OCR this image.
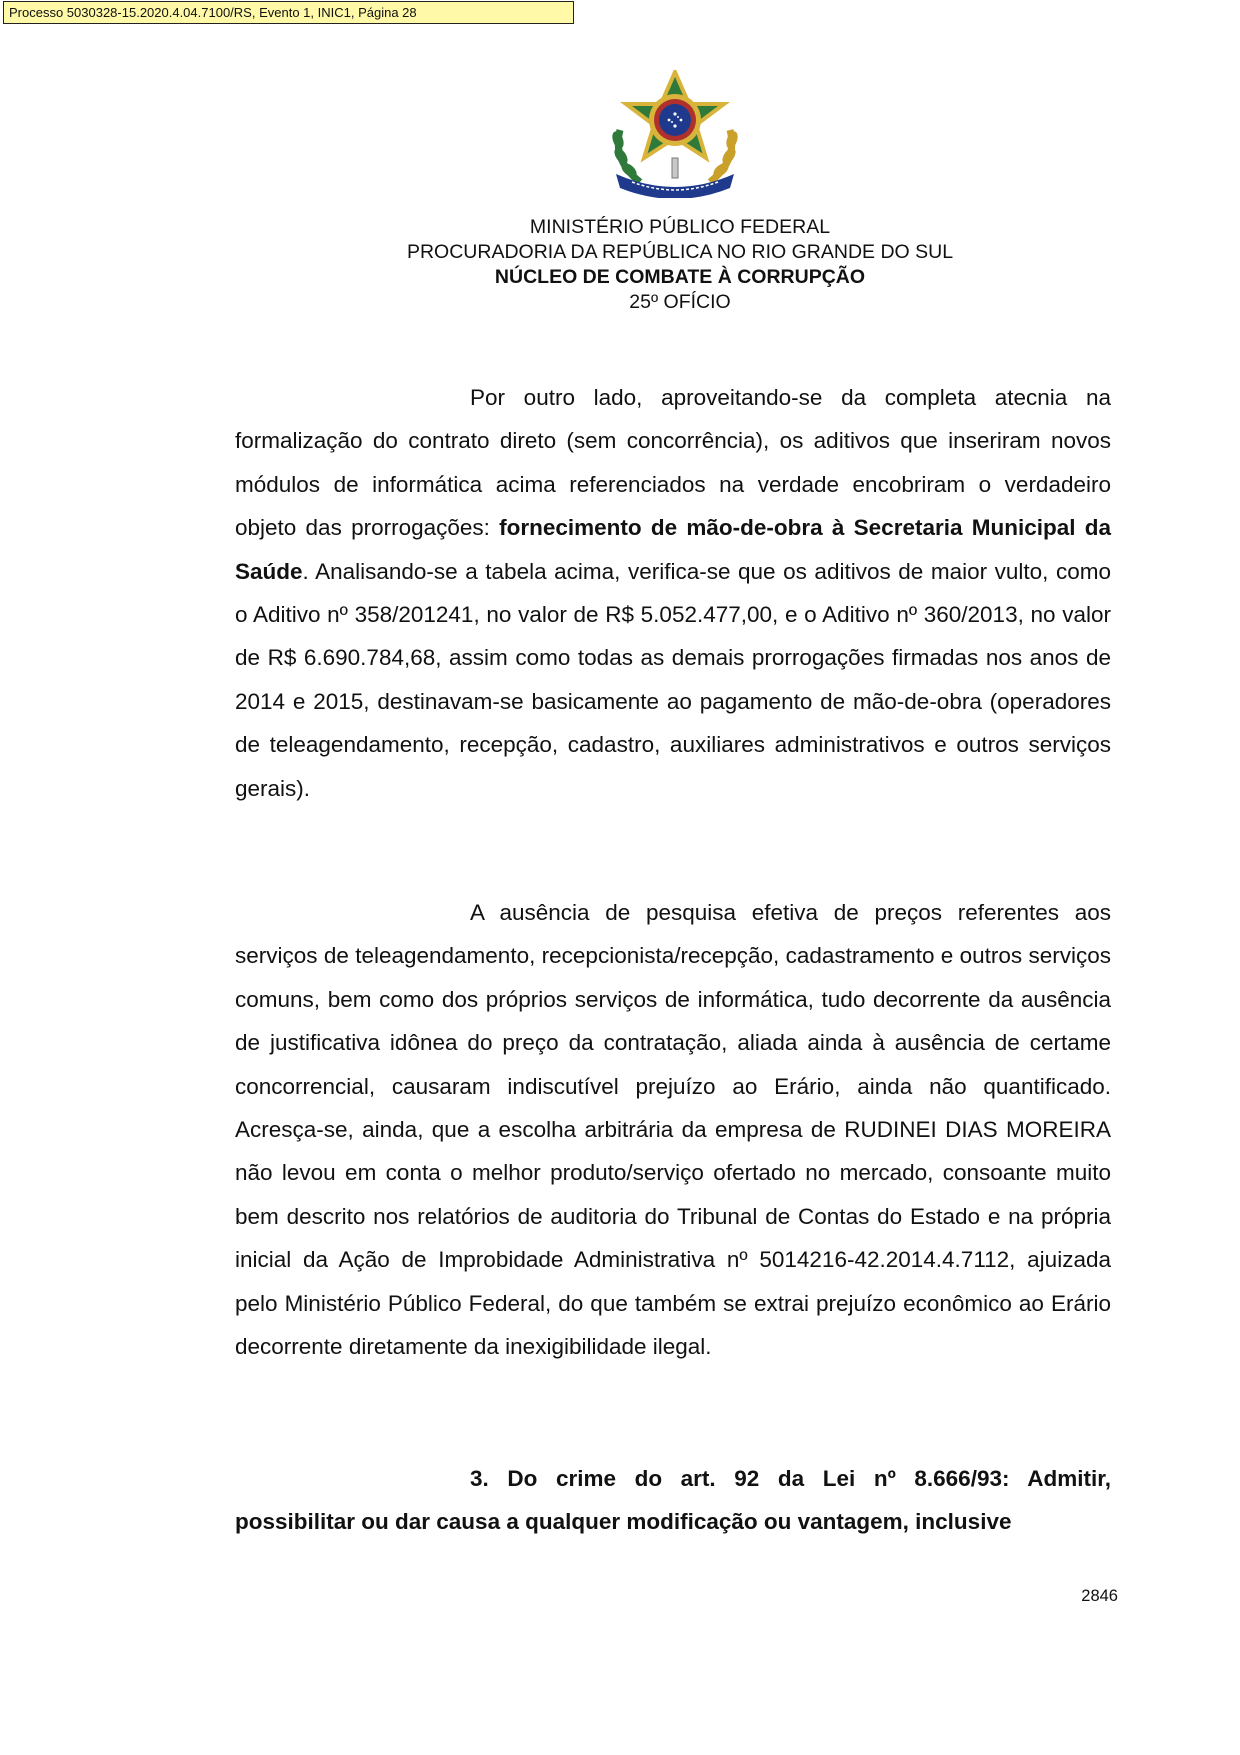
Processo 5030328-15.2020.4.04.7100/RS, Evento 1, INIC1, Página 28
MINISTÉRIO PÚBLICO FEDERAL
PROCURADORIA DA REPÚBLICA NO RIO GRANDE DO SUL
NÚCLEO DE COMBATE À CORRUPÇÃO
25º OFÍCIO

Por outro lado, aproveitando-se da completa atecnia na formalização do contrato direto (sem concorrência), os aditivos que inseriram novos módulos de informática acima referenciados na verdade encobriram o verdadeiro objeto das prorrogações: fornecimento de mão-de-obra à Secretaria Municipal da Saúde. Analisando-se a tabela acima, verifica-se que os aditivos de maior vulto, como o Aditivo nº 358/201241, no valor de R$ 5.052.477,00, e o Aditivo nº 360/2013, no valor de R$ 6.690.784,68, assim como todas as demais prorrogações firmadas nos anos de 2014 e 2015, destinavam-se basicamente ao pagamento de mão-de-obra (operadores de teleagendamento, recepção, cadastro, auxiliares administrativos e outros serviços gerais).

A ausência de pesquisa efetiva de preços referentes aos serviços de teleagendamento, recepcionista/recepção, cadastramento e outros serviços comuns, bem como dos próprios serviços de informática, tudo decorrente da ausência de justificativa idônea do preço da contratação, aliada ainda à ausência de certame concorrencial, causaram indiscutível prejuízo ao Erário, ainda não quantificado. Acresça-se, ainda, que a escolha arbitrária da empresa de RUDINEI DIAS MOREIRA não levou em conta o melhor produto/serviço ofertado no mercado, consoante muito bem descrito nos relatórios de auditoria do Tribunal de Contas do Estado e na própria inicial da Ação de Improbidade Administrativa nº 5014216-42.2014.4.7112, ajuizada pelo Ministério Público Federal, do que também se extrai prejuízo econômico ao Erário decorrente diretamente da inexigibilidade ilegal.

3. Do crime do art. 92 da Lei nº 8.666/93: Admitir, possibilitar ou dar causa a qualquer modificação ou vantagem, inclusive

2846
